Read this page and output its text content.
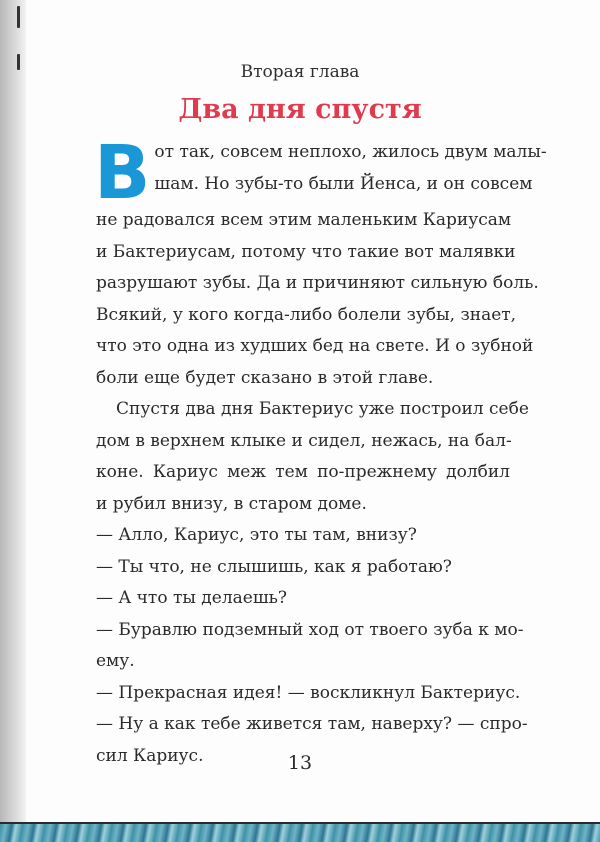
Вторая глава
Два дня спустя
В от так, совсем неплохо, жилось двум малы-
шам. Но зубы-то были Йенса, и он совсем
не радовался всем этим маленьким Кариусам
и Бактериусам, потому что такие вот малявки
разрушают зубы. Да и причиняют сильную боль.
Всякий, у кого когда-либо болели зубы, знает,
что это одна из худших бед на свете. И о зубной
боли еще будет сказано в этой главе.
Спустя два дня Бактериус уже построил себе
дом в верхнем клыке и сидел, нежась, на бал-
коне. Кариус меж тем по-прежнему долбил
и рубил внизу, в старом доме.
— Алло, Кариус, это ты там, внизу?
— Ты что, не слышишь, как я работаю?
— А что ты делаешь?
— Буравлю подземный ход от твоего зуба к мо-
ему.
— Прекрасная идея! — воскликнул Бактериус.
— Ну а как тебе живется там, наверху? — спро-
сил Кариус.	13
